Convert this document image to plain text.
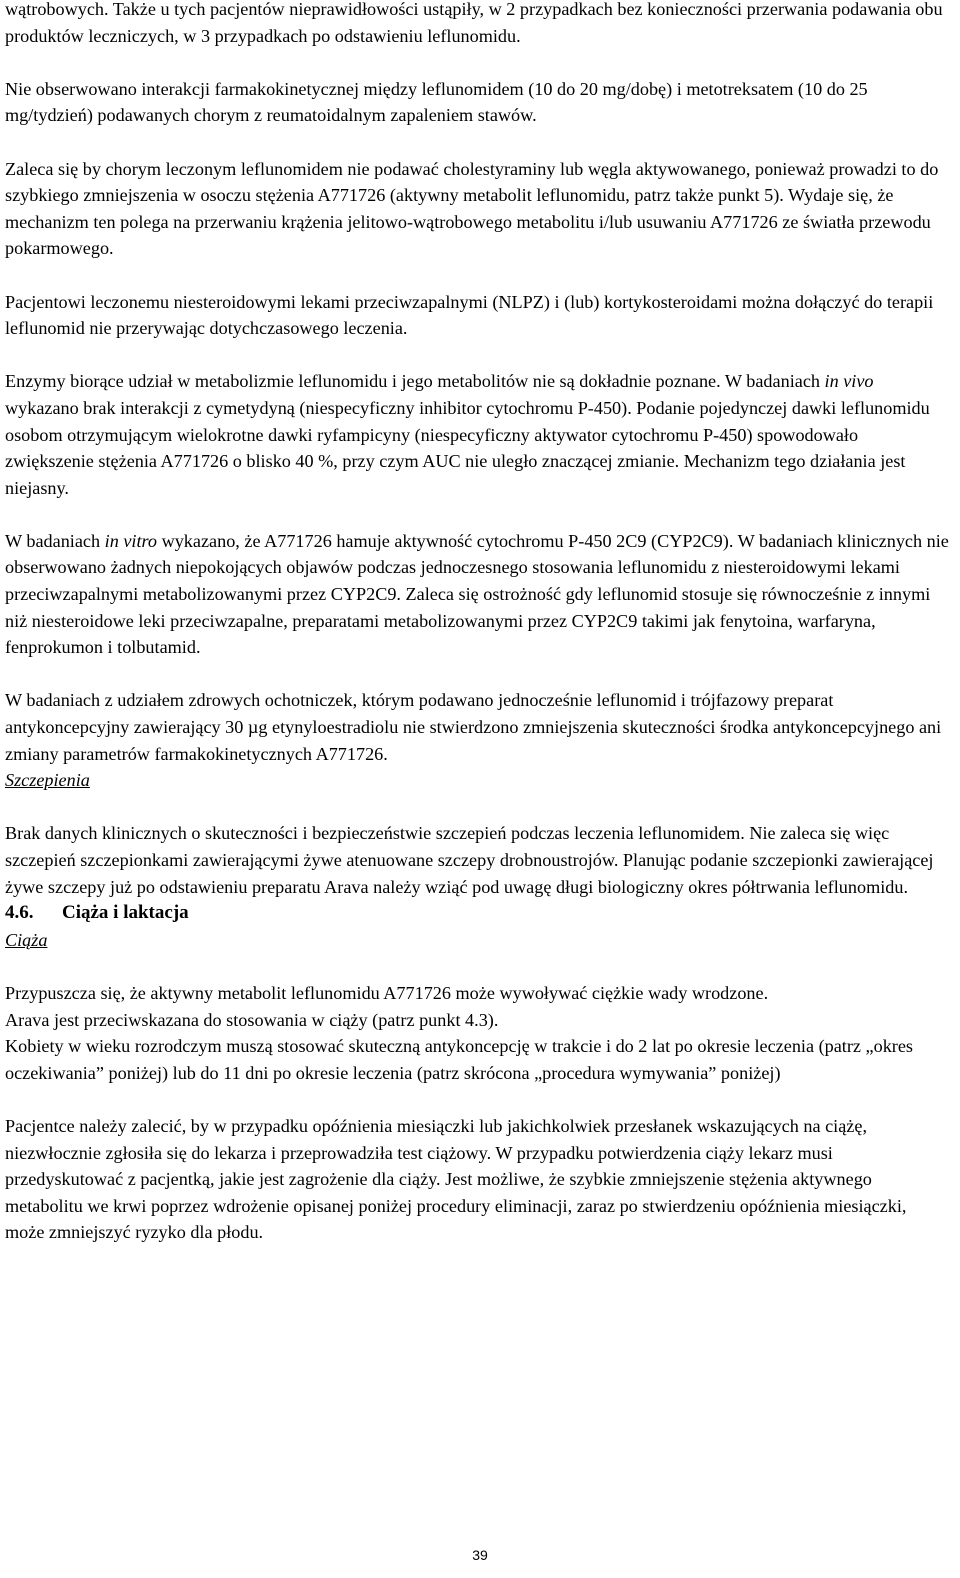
wątrobowych. Także u tych pacjentów nieprawidłowości ustąpiły, w 2 przypadkach bez konieczności przerwania podawania obu produktów leczniczych, w 3 przypadkach po odstawieniu leflunomidu.

Nie obserwowano interakcji farmakokinetycznej między leflunomidem (10 do 20 mg/dobę) i metotreksatem (10 do 25 mg/tydzień) podawanych chorym z reumatoidalnym zapaleniem stawów.

Zaleca się by chorym leczonym leflunomidem nie podawać cholestyraminy lub węgla aktywowanego, ponieważ prowadzi to do szybkiego zmniejszenia w osoczu stężenia A771726 (aktywny metabolit leflunomidu, patrz także punkt 5). Wydaje się, że mechanizm ten polega na przerwaniu krążenia jelitowo-wątrobowego metabolitu i/lub usuwaniu A771726 ze światła przewodu pokarmowego.

Pacjentowi leczonemu niesteroidowymi lekami przeciwzapalnymi (NLPZ) i (lub) kortykosteroidami można dołączyć do terapii leflunomid nie przerywając dotychczasowego leczenia.

Enzymy biorące udział w metabolizmie leflunomidu i jego metabolitów nie są dokładnie poznane. W badaniach in vivo wykazano brak interakcji z cymetydyną (niespecyficzny inhibitor cytochromu P-450). Podanie pojedynczej dawki leflunomidu osobom otrzymującym wielokrotne dawki ryfampicyny (niespecyficzny aktywator cytochromu P-450) spowodowało zwiększenie stężenia A771726 o blisko 40 %, przy czym AUC nie uległo znaczącej zmianie. Mechanizm tego działania jest niejasny.

W badaniach in vitro wykazano, że A771726 hamuje aktywność cytochromu P-450 2C9 (CYP2C9). W badaniach klinicznych nie obserwowano żadnych niepokojących objawów podczas jednoczesnego stosowania leflunomidu z niesteroidowymi lekami przeciwzapalnymi metabolizowanymi przez CYP2C9. Zaleca się ostrożność gdy leflunomid stosuje się równocześnie z innymi niż niesteroidowe leki przeciwzapalne, preparatami metabolizowanymi przez CYP2C9 takimi jak fenytoina, warfaryna, fenprokumon i tolbutamid.

W badaniach z udziałem zdrowych ochotniczek, którym podawano jednocześnie leflunomid i trójfazowy preparat antykoncepcyjny zawierający 30 µg etynyloestradiolu nie stwierdzono zmniejszenia skuteczności środka antykoncepcyjnego ani zmiany parametrów farmakokinetycznych A771726.

Szczepienia

Brak danych klinicznych o skuteczności i bezpieczeństwie szczepień podczas leczenia leflunomidem. Nie zaleca się więc szczepień szczepionkami zawierającymi żywe atenuowane szczepy drobnoustrojów. Planując podanie szczepionki zawierającej żywe szczepy już po odstawieniu preparatu Arava należy wziąć pod uwagę długi biologiczny okres półtrwania leflunomidu.

4.6. Ciąża i laktacja

Ciąża

Przypuszcza się, że aktywny metabolit leflunomidu A771726 może wywoływać ciężkie wady wrodzone.

Arava jest przeciwskazana do stosowania w ciąży (patrz punkt 4.3).

Kobiety w wieku rozrodczym muszą stosować skuteczną antykoncepcję w trakcie i do 2 lat po okresie leczenia (patrz „okres oczekiwania” poniżej) lub do 11 dni po okresie leczenia (patrz skrócona „procedura wymywania” poniżej)

Pacjentce należy zalecić, by w przypadku opóźnienia miesiączki lub jakichkolwiek przesłanek wskazujących na ciążę, niezwłocznie zgłosiła się do lekarza i przeprowadziła test ciążowy. W przypadku potwierdzenia ciąży lekarz musi przedyskutować z pacjentką, jakie jest zagrożenie dla ciąży. Jest możliwe, że szybkie zmniejszenie stężenia aktywnego metabolitu we krwi poprzez wdrożenie opisanej poniżej procedury eliminacji, zaraz po stwierdzeniu opóźnienia miesiączki, może zmniejszyć ryzyko dla płodu.

39
